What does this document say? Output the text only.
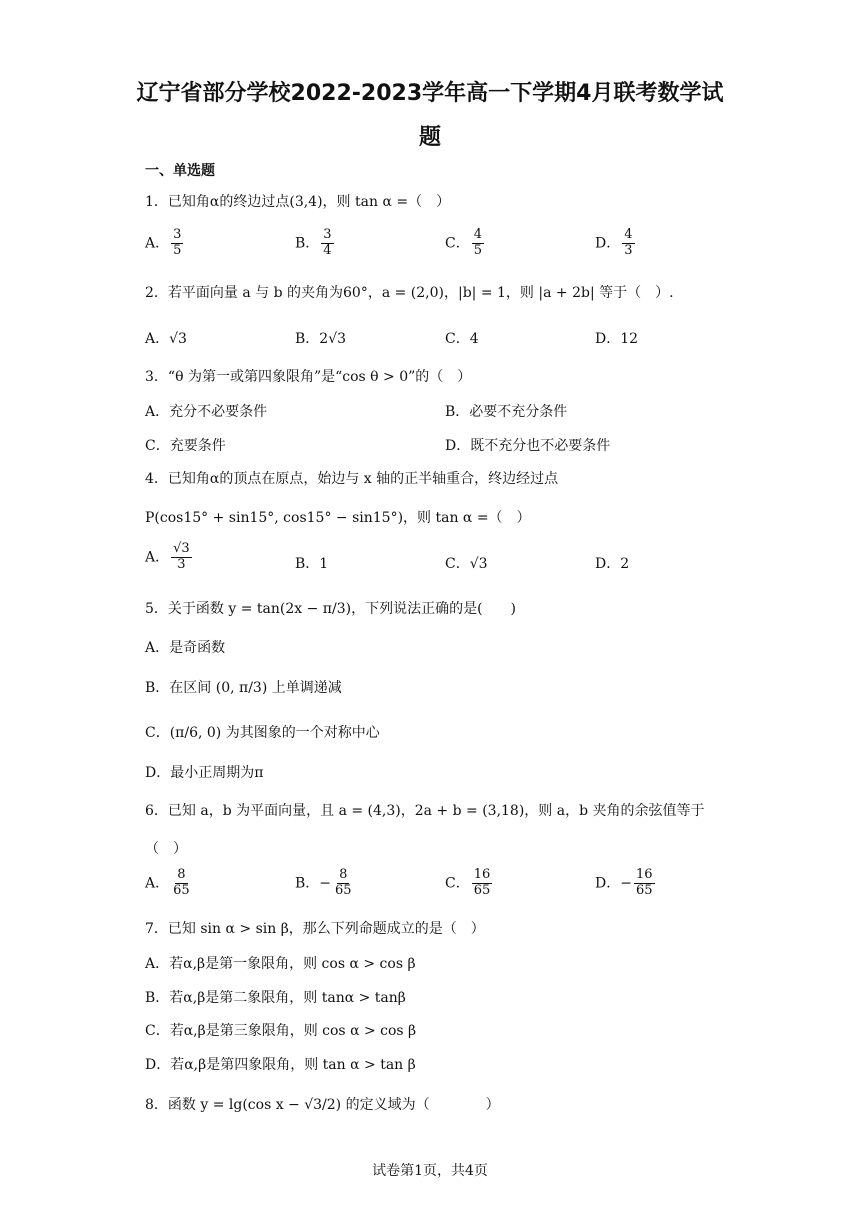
辽宁省部分学校2022-2023学年高一下学期4月联考数学试
题
一、单选题
1．已知角α的终边过点(3,4)，则 tan α =（　）
A． $\frac{3}{5}$	B． $\frac{3}{4}$	C． $\frac{4}{5}$	D． $\frac{4}{3}$
2．若平面向量 a 与 b 的夹角为60°，a = (2,0)，|b| = 1，则 |a + 2b| 等于（　）.
A．√3	B．2√3	C．4	D．12
3．“θ 为第一或第四象限角”是“cos θ > 0”的（　）
A．充分不必要条件	B．必要不充分条件
C．充要条件	D．既不充分也不必要条件
4．已知角α的顶点在原点，始边与 x 轴的正半轴重合，终边经过点
P(cos15° + sin15°, cos15° − sin15°)，则 tan α =（　）
A． $\frac{√3}{3}$	B．1	C．√3	D．2
5．关于函数 y = tan(2x − π/3)，下列说法正确的是(　　)
A．是奇函数
B．在区间 (0, π/3) 上单调递减
C．(π/6, 0) 为其图象的一个对称中心
D．最小正周期为π
6．已知 a，b 为平面向量，且 a = (4,3)，2a + b = (3,18)，则 a，b 夹角的余弦值等于
（　）
A． $\frac{8}{65}$	B．− $\frac{8}{65}$	C． $\frac{16}{65}$	D．− $\frac{16}{65}$
7．已知 sin α > sin β，那么下列命题成立的是（　）
A．若α,β是第一象限角，则 cos α > cos β
B．若α,β是第二象限角，则 tanα > tanβ
C．若α,β是第三象限角，则 cos α > cos β
D．若α,β是第四象限角，则 tan α > tan β
8．函数 y = lg(cos x − √3/2) 的定义域为（　　　　）
试卷第1页，共4页
